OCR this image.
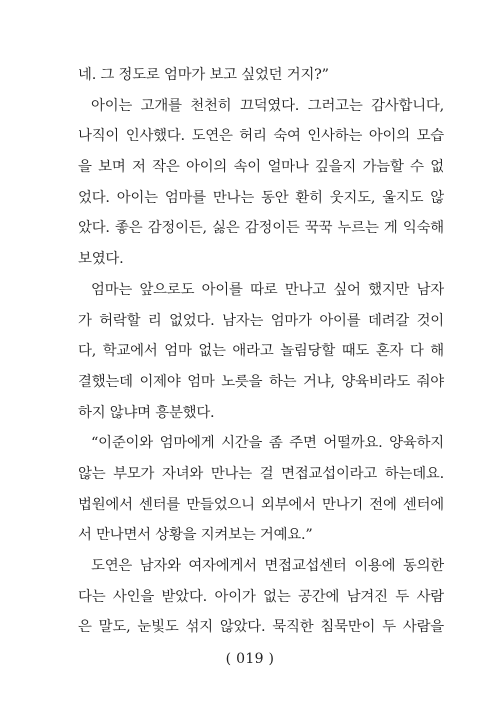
네. 그 정도로 엄마가 보고 싶었던 거지?”
아이는 고개를 천천히 끄덕였다. 그러고는 감사합니다,
나직이 인사했다. 도연은 허리 숙여 인사하는 아이의 모습
을 보며 저 작은 아이의 속이 얼마나 깊을지 가늠할 수 없
었다. 아이는 엄마를 만나는 동안 환히 웃지도, 울지도 않
았다. 좋은 감정이든, 싫은 감정이든 꾹꾹 누르는 게 익숙해
보였다.
엄마는 앞으로도 아이를 따로 만나고 싶어 했지만 남자
가 허락할 리 없었다. 남자는 엄마가 아이를 데려갈 것이
다, 학교에서 엄마 없는 애라고 놀림당할 때도 혼자 다 해
결했는데 이제야 엄마 노릇을 하는 거냐, 양육비라도 줘야
하지 않냐며 흥분했다.
“이준이와 엄마에게 시간을 좀 주면 어떨까요. 양육하지
않는 부모가 자녀와 만나는 걸 면접교섭이라고 하는데요.
법원에서 센터를 만들었으니 외부에서 만나기 전에 센터에
서 만나면서 상황을 지켜보는 거예요.”
도연은 남자와 여자에게서 면접교섭센터 이용에 동의한
다는 사인을 받았다. 아이가 없는 공간에 남겨진 두 사람
은 말도, 눈빛도 섞지 않았다. 묵직한 침묵만이 두 사람을
( 019 )
